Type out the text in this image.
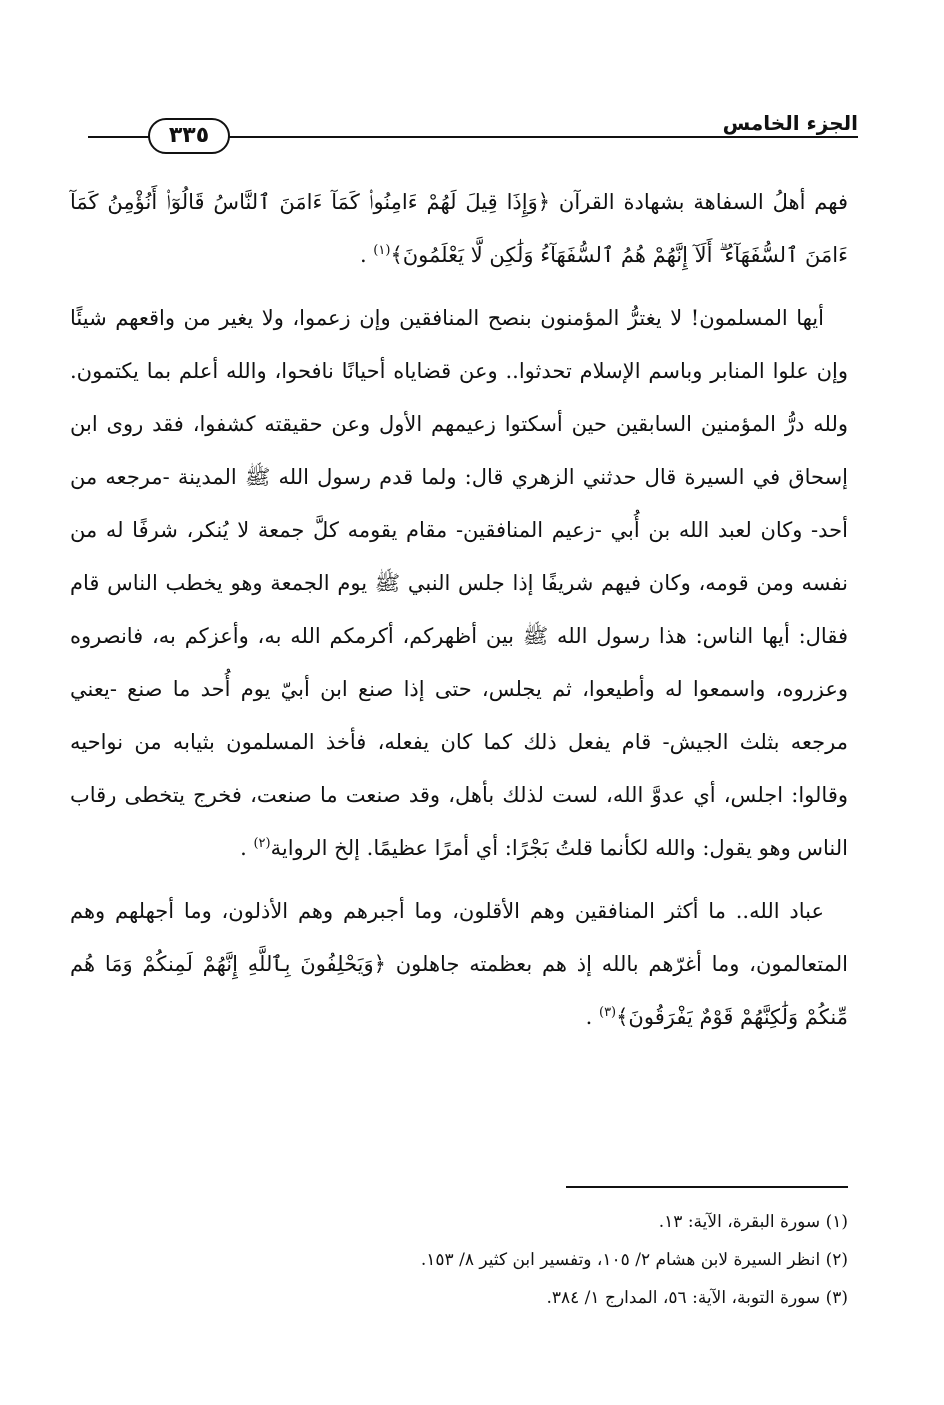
الجزء الخامس
٣٣٥

فهم أهلُ السفاهة بشهادة القرآن ﴿وَإِذَا قِيلَ لَهُمْ ءَامِنُوا۟ كَمَآ ءَامَنَ ٱلنَّاسُ قَالُوٓا۟ أَنُؤْمِنُ كَمَآ ءَامَنَ ٱلسُّفَهَآءُ ۗ أَلَآ إِنَّهُمْ هُمُ ٱلسُّفَهَآءُ وَلَٰكِن لَّا يَعْلَمُونَ﴾$^{(١)}$ .

أيها المسلمون! لا يغترُّ المؤمنون بنصح المنافقين وإن زعموا، ولا يغير من واقعهم شيئًا وإن علوا المنابر وباسم الإسلام تحدثوا.. وعن قضاياه أحيانًا نافحوا، والله أعلم بما يكتمون. ولله درُّ المؤمنين السابقين حين أسكتوا زعيمهم الأول وعن حقيقته كشفوا، فقد روى ابن إسحاق في السيرة قال حدثني الزهري قال: ولما قدم رسول الله ﷺ المدينة -مرجعه من أحد- وكان لعبد الله بن أُبي -زعيم المنافقين- مقام يقومه كلَّ جمعة لا يُنكر، شرفًا له من نفسه ومن قومه، وكان فيهم شريفًا إذا جلس النبي ﷺ يوم الجمعة وهو يخطب الناس قام فقال: أيها الناس: هذا رسول الله ﷺ بين أظهركم، أكرمكم الله به، وأعزكم به، فانصروه وعزروه، واسمعوا له وأطيعوا، ثم يجلس، حتى إذا صنع ابن أبيّ يوم أُحد ما صنع -يعني مرجعه بثلث الجيش- قام يفعل ذلك كما كان يفعله، فأخذ المسلمون بثيابه من نواحيه وقالوا: اجلس، أي عدوَّ الله، لست لذلك بأهل، وقد صنعت ما صنعت، فخرج يتخطى رقاب الناس وهو يقول: والله لكأنما قلتُ بَجْرًا: أي أمرًا عظيمًا. إلخ الرواية$^{(٢)}$ .

عباد الله.. ما أكثر المنافقين وهم الأقلون، وما أجبرهم وهم الأذلون، وما أجهلهم وهم المتعالمون، وما أغرّهم بالله إذ هم بعظمته جاهلون ﴿وَيَحْلِفُونَ بِٱللَّهِ إِنَّهُمْ لَمِنكُمْ وَمَا هُم مِّنكُمْ وَلَٰكِنَّهُمْ قَوْمٌ يَفْرَقُونَ﴾$^{(٣)}$ .

(١) سورة البقرة، الآية: ١٣.
(٢) انظر السيرة لابن هشام ٢/ ١٠٥، وتفسير ابن كثير ٨/ ١٥٣.
(٣) سورة التوبة، الآية: ٥٦، المدارج ١/ ٣٨٤.
